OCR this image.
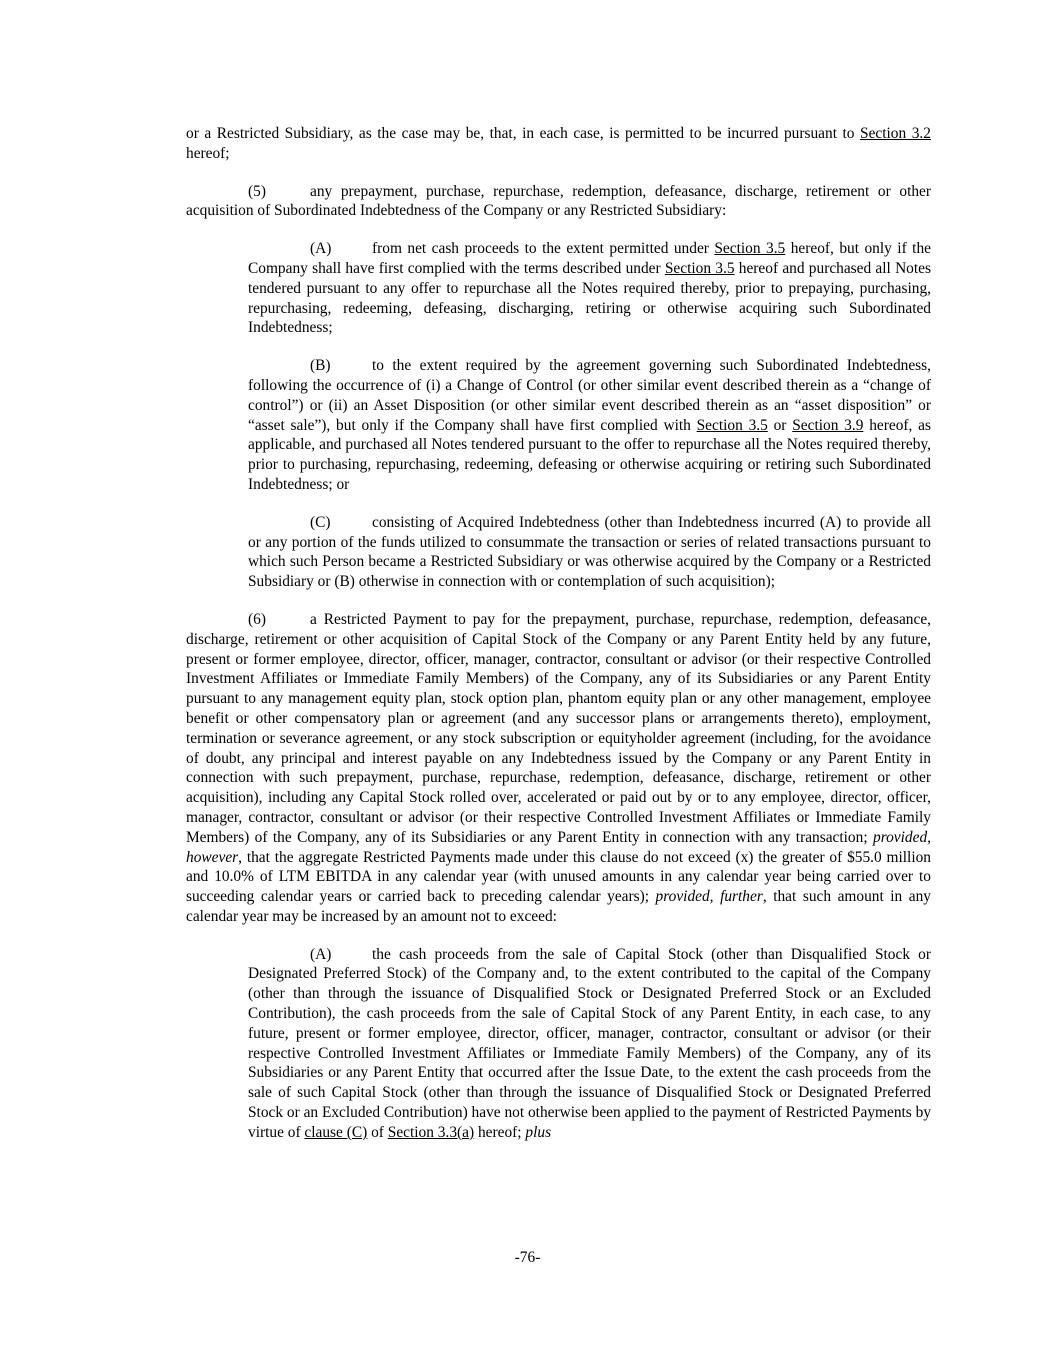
or a Restricted Subsidiary, as the case may be, that, in each case, is permitted to be incurred pursuant to Section 3.2 hereof;

(5)	any prepayment, purchase, repurchase, redemption, defeasance, discharge, retirement or other acquisition of Subordinated Indebtedness of the Company or any Restricted Subsidiary:

(A)	from net cash proceeds to the extent permitted under Section 3.5 hereof, but only if the Company shall have first complied with the terms described under Section 3.5 hereof and purchased all Notes tendered pursuant to any offer to repurchase all the Notes required thereby, prior to prepaying, purchasing, repurchasing, redeeming, defeasing, discharging, retiring or otherwise acquiring such Subordinated Indebtedness;

(B)	to the extent required by the agreement governing such Subordinated Indebtedness, following the occurrence of (i) a Change of Control (or other similar event described therein as a “change of control”) or (ii) an Asset Disposition (or other similar event described therein as an “asset disposition” or “asset sale”), but only if the Company shall have first complied with Section 3.5 or Section 3.9 hereof, as applicable, and purchased all Notes tendered pursuant to the offer to repurchase all the Notes required thereby, prior to purchasing, repurchasing, redeeming, defeasing or otherwise acquiring or retiring such Subordinated Indebtedness; or

(C)	consisting of Acquired Indebtedness (other than Indebtedness incurred (A) to provide all or any portion of the funds utilized to consummate the transaction or series of related transactions pursuant to which such Person became a Restricted Subsidiary or was otherwise acquired by the Company or a Restricted Subsidiary or (B) otherwise in connection with or contemplation of such acquisition);

(6)	a Restricted Payment to pay for the prepayment, purchase, repurchase, redemption, defeasance, discharge, retirement or other acquisition of Capital Stock of the Company or any Parent Entity held by any future, present or former employee, director, officer, manager, contractor, consultant or advisor (or their respective Controlled Investment Affiliates or Immediate Family Members) of the Company, any of its Subsidiaries or any Parent Entity pursuant to any management equity plan, stock option plan, phantom equity plan or any other management, employee benefit or other compensatory plan or agreement (and any successor plans or arrangements thereto), employment, termination or severance agreement, or any stock subscription or equityholder agreement (including, for the avoidance of doubt, any principal and interest payable on any Indebtedness issued by the Company or any Parent Entity in connection with such prepayment, purchase, repurchase, redemption, defeasance, discharge, retirement or other acquisition), including any Capital Stock rolled over, accelerated or paid out by or to any employee, director, officer, manager, contractor, consultant or advisor (or their respective Controlled Investment Affiliates or Immediate Family Members) of the Company, any of its Subsidiaries or any Parent Entity in connection with any transaction; provided, however, that the aggregate Restricted Payments made under this clause do not exceed (x) the greater of $55.0 million and 10.0% of LTM EBITDA in any calendar year (with unused amounts in any calendar year being carried over to succeeding calendar years or carried back to preceding calendar years); provided, further, that such amount in any calendar year may be increased by an amount not to exceed:

(A)	the cash proceeds from the sale of Capital Stock (other than Disqualified Stock or Designated Preferred Stock) of the Company and, to the extent contributed to the capital of the Company (other than through the issuance of Disqualified Stock or Designated Preferred Stock or an Excluded Contribution), the cash proceeds from the sale of Capital Stock of any Parent Entity, in each case, to any future, present or former employee, director, officer, manager, contractor, consultant or advisor (or their respective Controlled Investment Affiliates or Immediate Family Members) of the Company, any of its Subsidiaries or any Parent Entity that occurred after the Issue Date, to the extent the cash proceeds from the sale of such Capital Stock (other than through the issuance of Disqualified Stock or Designated Preferred Stock or an Excluded Contribution) have not otherwise been applied to the payment of Restricted Payments by virtue of clause (C) of Section 3.3(a) hereof; plus

-76-
